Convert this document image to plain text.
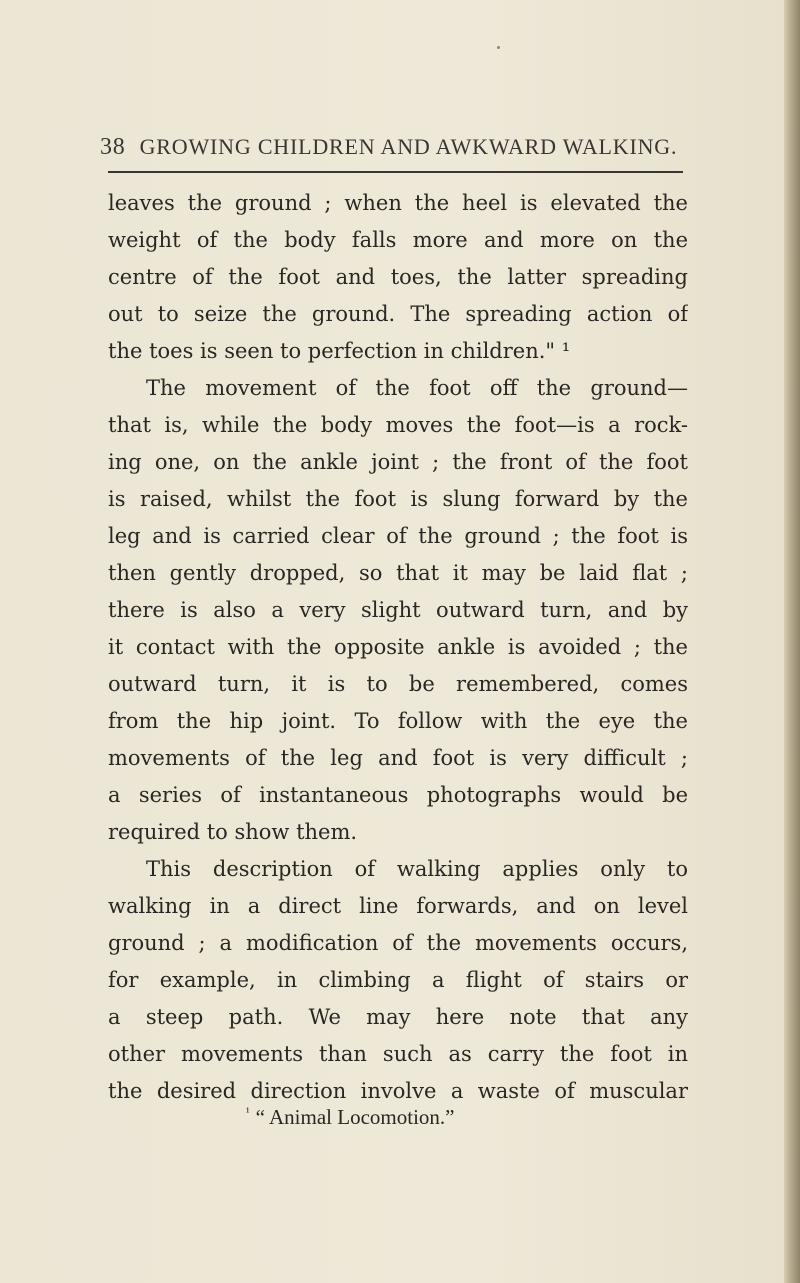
38 GROWING CHILDREN AND AWKWARD WALKING.
leaves the ground ; when the heel is elevated the
weight of the body falls more and more on the
centre of the foot and toes, the latter spreading
out to seize the ground. The spreading action of
the toes is seen to perfection in children." ¹
The movement of the foot off the ground—
that is, while the body moves the foot—is a rock-
ing one, on the ankle joint ; the front of the foot
is raised, whilst the foot is slung forward by the
leg and is carried clear of the ground ; the foot is
then gently dropped, so that it may be laid flat ;
there is also a very slight outward turn, and by
it contact with the opposite ankle is avoided ; the
outward turn, it is to be remembered, comes
from the hip joint. To follow with the eye the
movements of the leg and foot is very difficult ;
a series of instantaneous photographs would be
required to show them.
This description of walking applies only to
walking in a direct line forwards, and on level
ground ; a modification of the movements occurs,
for example, in climbing a flight of stairs or
a steep path. We may here note that any
other movements than such as carry the foot in
the desired direction involve a waste of muscular
$^{^1}$ “ Animal Locomotion.”
